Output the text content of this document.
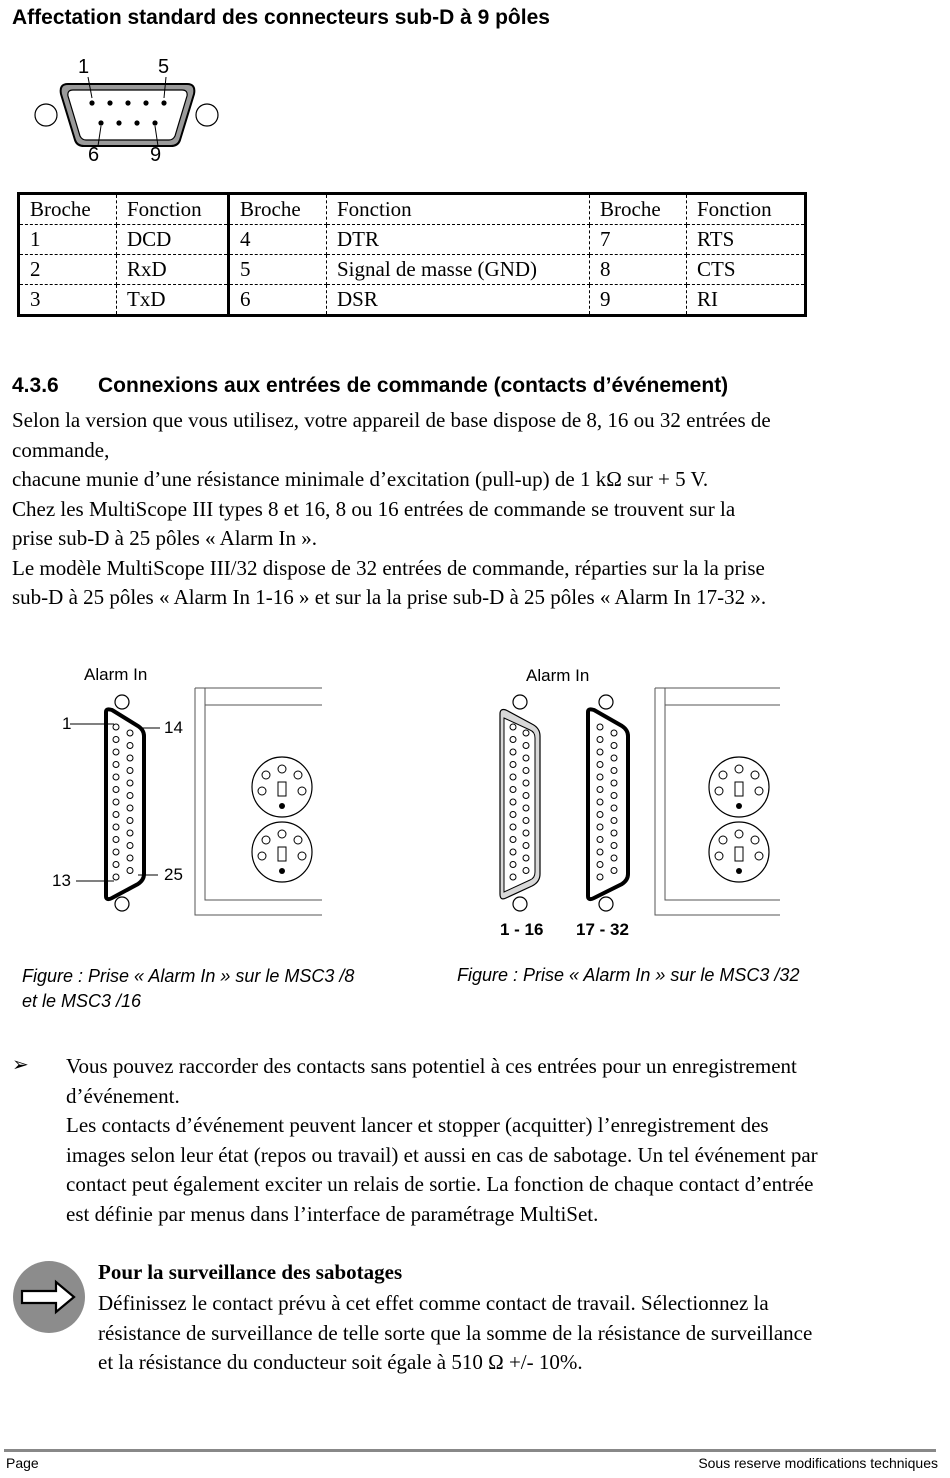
Affectation standard des connecteurs sub-D à 9 pôles
1	5
6	9
Broche	Fonction	Broche	Fonction	Broche	Fonction
1	DCD	4	DTR	7	RTS
2	RxD	5	Signal de masse (GND)	8	CTS
3	TxD	6	DSR	9	RI
4.3.6 Connexions aux entrées de commande (contacts d’événement)
Selon la version que vous utilisez, votre appareil de base dispose de 8, 16 ou 32 entrées de
commande,
chacune munie d’une résistance minimale d’excitation (pull-up) de 1 kΩ sur + 5 V.
Chez les MultiScope III types 8 et 16, 8 ou 16 entrées de commande se trouvent sur la
prise sub-D à 25 pôles « Alarm In ».
Le modèle MultiScope III/32 dispose de 32 entrées de commande, réparties sur la la prise
sub-D à 25 pôles « Alarm In 1-16 » et sur la la prise sub-D à 25 pôles « Alarm In 17-32 ».
Alarm In
1	14
13	25
Alarm In
1 - 16 17 - 32
Figure : Prise « Alarm In » sur le MSC3 /8
et le MSC3 /16
Figure : Prise « Alarm In » sur le MSC3 /32
➢ Vous pouvez raccorder des contacts sans potentiel à ces entrées pour un enregistrement
d’événement.
Les contacts d’événement peuvent lancer et stopper (acquitter) l’enregistrement des
images selon leur état (repos ou travail) et aussi en cas de sabotage. Un tel événement par
contact peut également exciter un relais de sortie. La fonction de chaque contact d’entrée
est définie par menus dans l’interface de paramétrage MultiSet.
Pour la surveillance des sabotages
Définissez le contact prévu à cet effet comme contact de travail. Sélectionnez la
résistance de surveillance de telle sorte que la somme de la résistance de surveillance
et la résistance du conducteur soit égale à 510 Ω +/- 10%.
Page	Sous reserve modifications techniques
